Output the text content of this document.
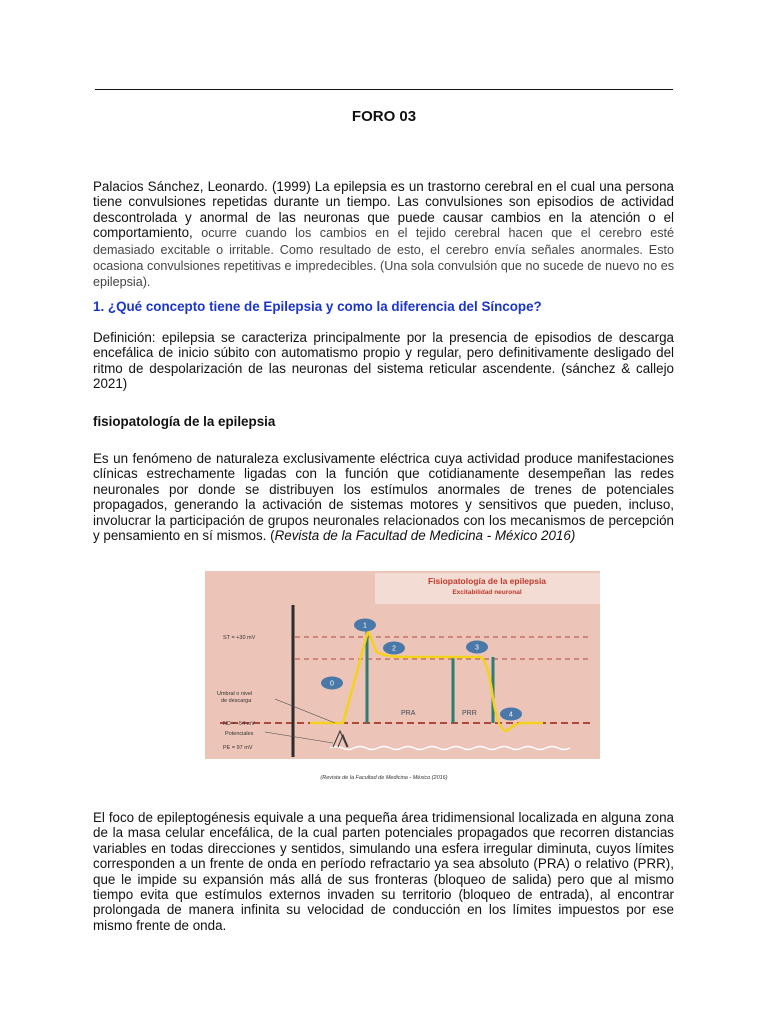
FORO 03
Palacios Sánchez, Leonardo. (1999) La epilepsia es un trastorno cerebral en el cual una persona tiene convulsiones repetidas durante un tiempo. Las convulsiones son episodios de actividad descontrolada y anormal de las neuronas que puede causar cambios en la atención o el comportamiento, ocurre cuando los cambios en el tejido cerebral hacen que el cerebro esté demasiado excitable o irritable. Como resultado de esto, el cerebro envía señales anormales. Esto ocasiona convulsiones repetitivas e impredecibles. (Una sola convulsión que no sucede de nuevo no es epilepsia).
1. ¿Qué concepto tiene de Epilepsia y como la diferencia del Síncope?
Definición: epilepsia se caracteriza principalmente por la presencia de episodios de descarga encefálica de inicio súbito con automatismo propio y regular, pero definitivamente desligado del ritmo de despolarización de las neuronas del sistema reticular ascendente. (sánchez & callejo 2021)
fisiopatología de la epilepsia
Es un fenómeno de naturaleza exclusivamente eléctrica cuya actividad produce manifestaciones clínicas estrechamente ligadas con la función que cotidianamente desempeñan las redes neuronales por donde se distribuyen los estímulos anormales de trenes de potenciales propagados, generando la activación de sistemas motores y sensitivos que pueden, incluso, involucrar la participación de grupos neuronales relacionados con los mecanismos de percepción y pensamiento en sí mismos. (Revista de la Facultad de Medicina - México 2016)
Fisiopatología de la epilepsia
Excitabilidad neuronal
ST = +30 mV
Umbral o nivel
de descarga
ND = -54 mV
Potenciales
PE = 97 mV
PRA	PRR
0
1
2	3
4
(Revista de la Facultad de Medicina - México (2016)
El foco de epileptogénesis equivale a una pequeña área tridimensional localizada en alguna zona de la masa celular encefálica, de la cual parten potenciales propagados que recorren distancias variables en todas direcciones y sentidos, simulando una esfera irregular diminuta, cuyos límites corresponden a un frente de onda en período refractario ya sea absoluto (PRA) o relativo (PRR), que le impide su expansión más allá de sus fronteras (bloqueo de salida) pero que al mismo tiempo evita que estímulos externos invaden su territorio (bloqueo de entrada), al encontrar prolongada de manera infinita su velocidad de conducción en los límites impuestos por ese mismo frente de onda.
